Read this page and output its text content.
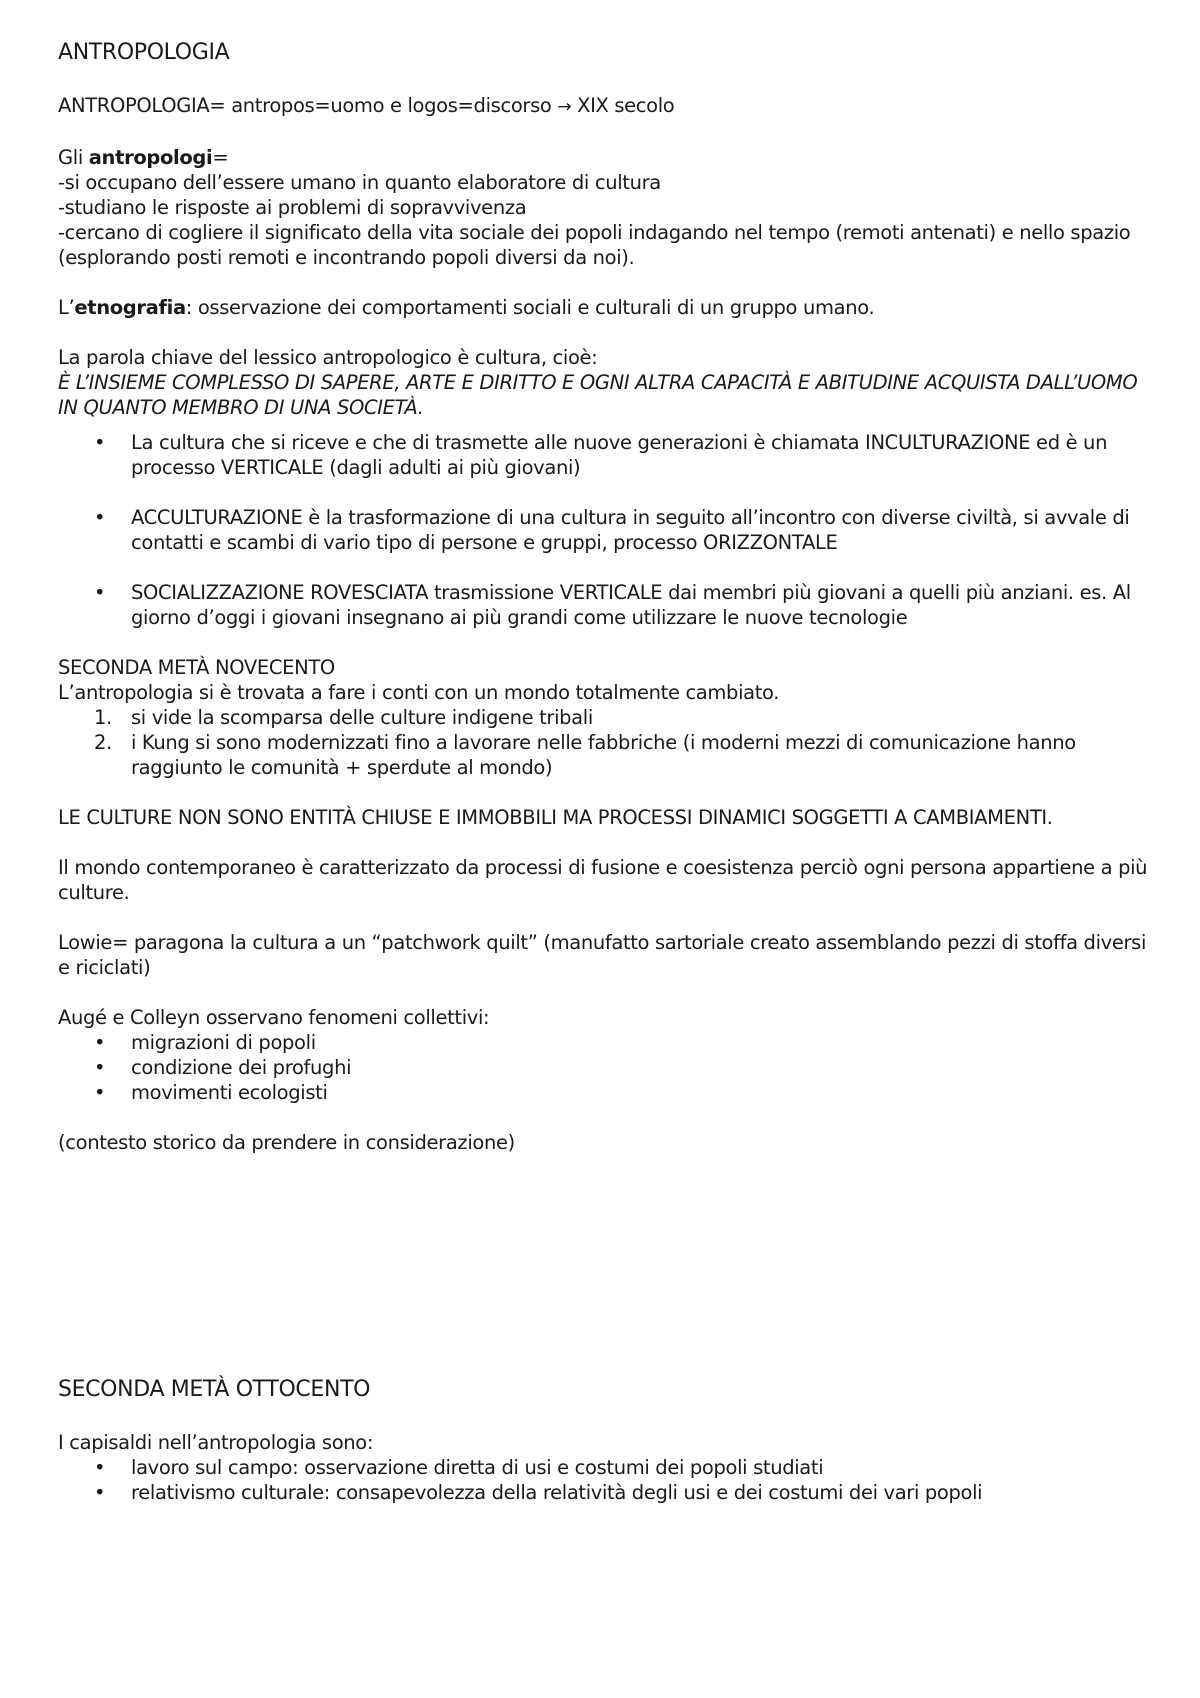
ANTROPOLOGIA

ANTROPOLOGIA= antropos=uomo e logos=discorso → XIX secolo

Gli antropologi=

-si occupano dell’essere umano in quanto elaboratore di cultura

-studiano le risposte ai problemi di sopravvivenza

-cercano di cogliere il significato della vita sociale dei popoli indagando nel tempo (remoti antenati) e nello spazio (esplorando posti remoti e incontrando popoli diversi da noi).

L’etnografia: osservazione dei comportamenti sociali e culturali di un gruppo umano.

La parola chiave del lessico antropologico è cultura, cioè:

È L’INSIEME COMPLESSO DI SAPERE, ARTE E DIRITTO E OGNI ALTRA CAPACITÀ E ABITUDINE ACQUISTA DALL’UOMO IN QUANTO MEMBRO DI UNA SOCIETÀ.

• La cultura che si riceve e che di trasmette alle nuove generazioni è chiamata INCULTURAZIONE ed è un processo VERTICALE (dagli adulti ai più giovani)
• ACCULTURAZIONE è la trasformazione di una cultura in seguito all’incontro con diverse civiltà, si avvale di contatti e scambi di vario tipo di persone e gruppi, processo ORIZZONTALE
• SOCIALIZZAZIONE ROVESCIATA trasmissione VERTICALE dai membri più giovani a quelli più anziani. es. Al giorno d’oggi i giovani insegnano ai più grandi come utilizzare le nuove tecnologie

SECONDA METÀ NOVECENTO

L’antropologia si è trovata a fare i conti con un mondo totalmente cambiato.

1. si vide la scomparsa delle culture indigene tribali
2. i Kung si sono modernizzati fino a lavorare nelle fabbriche (i moderni mezzi di comunicazione hanno raggiunto le comunità + sperdute al mondo)

LE CULTURE NON SONO ENTITÀ CHIUSE E IMMOBBILI MA PROCESSI DINAMICI SOGGETTI A CAMBIAMENTI.

Il mondo contemporaneo è caratterizzato da processi di fusione e coesistenza perciò ogni persona appartiene a più culture.

Lowie= paragona la cultura a un “patchwork quilt” (manufatto sartoriale creato assemblando pezzi di stoffa diversi e riciclati)

Augé e Colleyn osservano fenomeni collettivi:

• migrazioni di popoli
• condizione dei profughi
• movimenti ecologisti

(contesto storico da prendere in considerazione)

SECONDA METÀ OTTOCENTO

I capisaldi nell’antropologia sono:

• lavoro sul campo: osservazione diretta di usi e costumi dei popoli studiati
• relativismo culturale: consapevolezza della relatività degli usi e dei costumi dei vari popoli
